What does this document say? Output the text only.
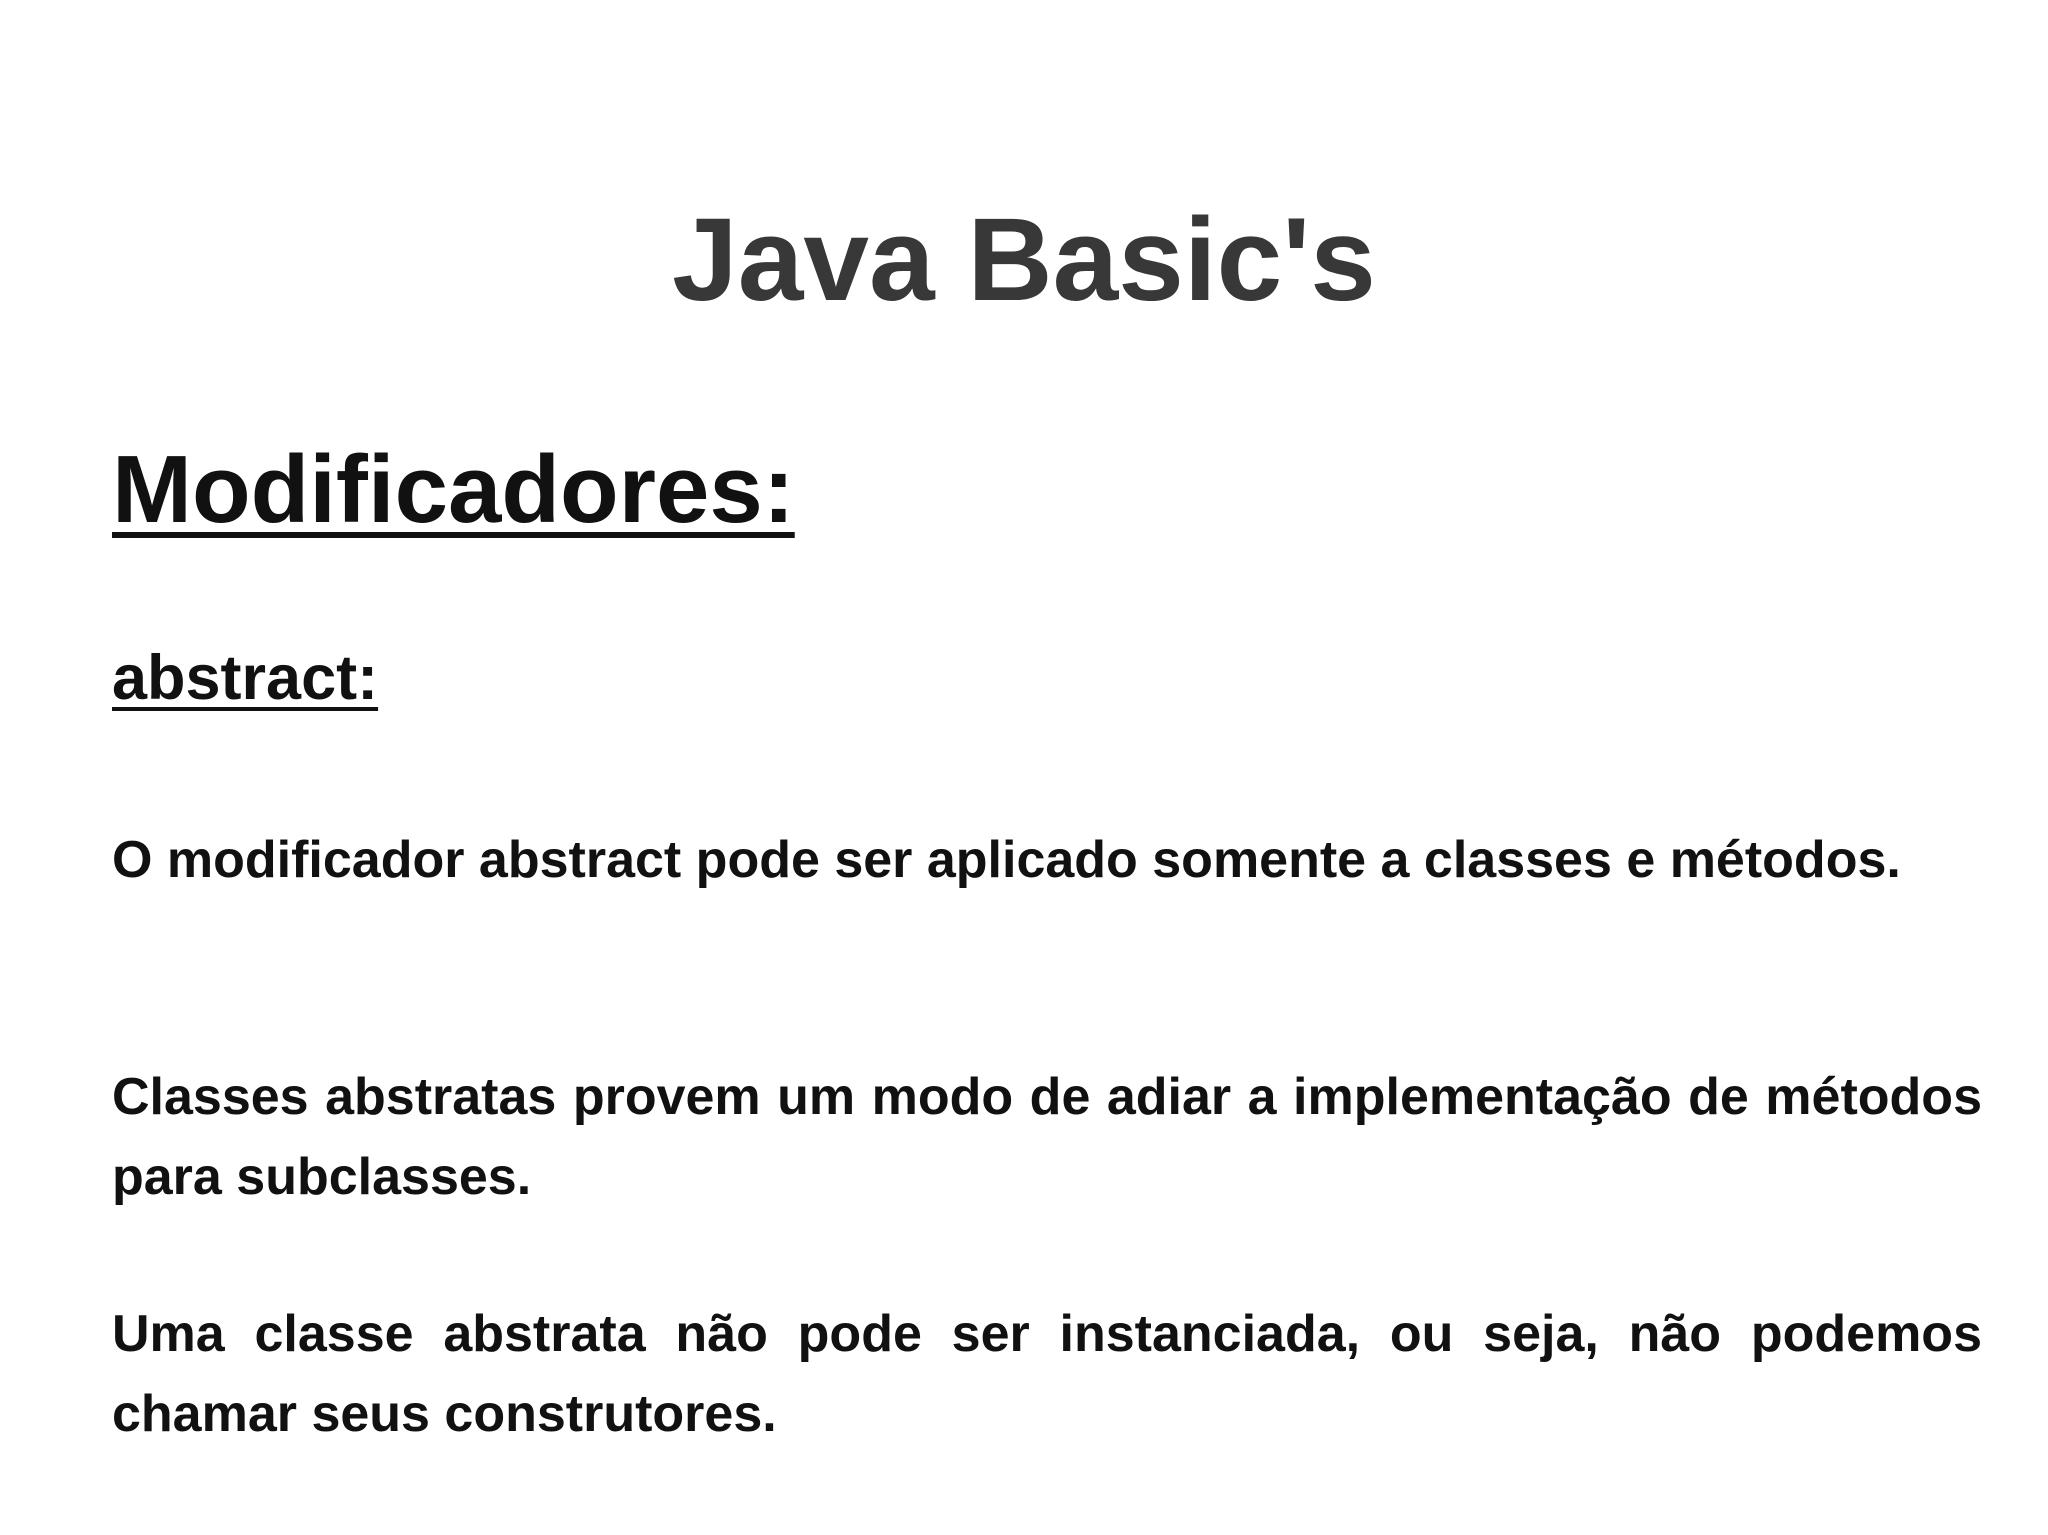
Java Basic's
Modificadores:
abstract:

O modificador abstract pode ser aplicado somente a classes e métodos.

Classes abstratas provem um modo de adiar a implementação de métodos para subclasses.

Uma classe abstrata não pode ser instanciada, ou seja, não podemos chamar seus construtores.
